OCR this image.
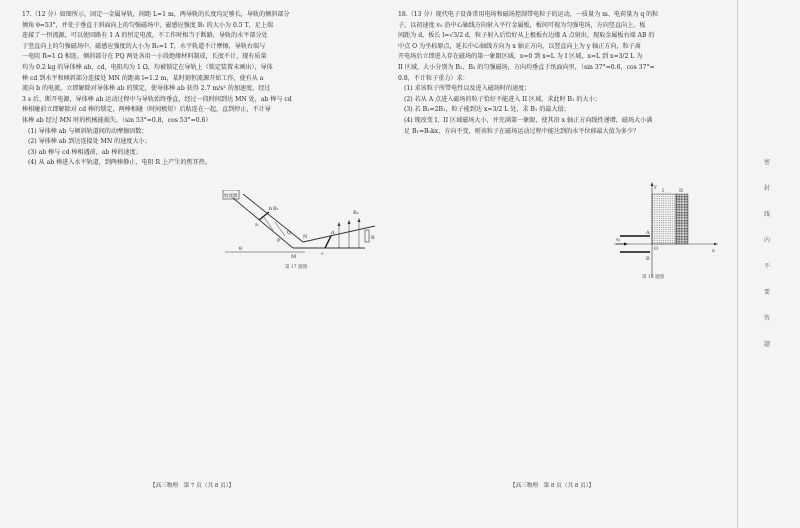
17.（12 分）如图所示，固定一金属导轨，间距 L=1 m，两导轨的长度均足够长，导轨的倾斜部分

倾角 θ=53°，并处于垂直于斜面向上的匀强磁场中，磁感应强度 B₁ 的大小为 0.5 T，足上端

连接了一恒流源，可以使回路有 1 A 的恒定电流，不工作时相当于断路，导轨的水平部分处

于竖直向上的匀强磁场中，磁感应强度的大小为 B₂=1 T，水平轨道不计摩擦，导轨右端与

一电阻 R=1 Ω 相连，倾斜部分在 PQ 两处各用一小段绝缘材料制成，长度不计，现有质量

均为 0.2 kg 的导体棒 ab、cd，电阻均为 1 Ω，均被锁定在导轨上（锁定装置未画出），导体

棒 cd 到水平和倾斜部分连接处 MN 的距离 l=1.2 m，某时刻恒流源开始工作，使有从 a

流向 b 的电流，立即解除对导体棒 ab 的锁定，使导体棒 ab 获得 2.7 m/s² 的加速度，经过

3 s 后，断开电源，导体棒 ab 运动过程中与导轨始终垂直，经过一段时间到达 MN 处，ab 棒与 cd

棒相碰前立即解除对 cd 棒的锁定，两棒相碰（时间极短）后粘连在一起，直到停止，不计导

体棒 ab 经过 MN 时的机械能损失，（sin 53°=0.8，cos 53°=0.6）

(1) 导体棒 ab 与倾斜轨道间的动摩擦因数；

(2) 导体棒 ab 到达连接处 MN 的速度大小；

(3) ab 棒与 cd 棒相遇前，ab 棒的速度；

(4) 从 ab 棒进入水平轨道，到两棒静止，电阻 R 上产生的焦耳热。

恒流源
B₁
B₂
a
b
P
Q
M
N
c
d
R
θ
第 17 题图

18.（13 分）现代电子设备常用电场和磁场控制带电粒子的运动，一质量为 m、电荷量为 q 的粒

子，以初速度 v₀ 沿中心轴线方向射入平行金属板，板间可视为匀强电场，方向竖直向上，板

间距为 d，板长 l=√3/2 d，粒子射入后恰好从上极板右边缘 A 点射出，现取金属板右端 AB 的

中点 O 为坐标原点，延长中心轴线方向为 x 轴正方向，以竖直向上为 y 轴正方向，粒子离

开电场后立即进入存在磁场的第一象限区域，x=0 到 x=L 为 I 区域，x=L 到 x=3/2 L 为

II 区域，大小分别为 B₁、B₂ 的匀强磁场，方向均垂直于纸面向里，（sin 37°=0.6，cos 37°=

0.8，不计粒子重力）求：

(1) 求该粒子所带电性以及进入磁场时的速度；

(2) 若从 A 点进入磁场的粒子恰好不能进入 II 区域，求此时 B₁ 的大小；

(3) 若 B₂=2B₁，粒子能到达 x=3/2 L 处，求 B₁ 的最大值；

(4) 现改变 I、II 区域磁场大小，并充满第一象限，使其沿 x 轴正方向线性递增，磁场大小满

足 B₁=B₀kx，方向不变，则该粒子在磁场运动过程中能达到的水平位移最大值为多少？

y
x
I	II
A
B
O
v₀
第 18 题图
【高三物理　第 7 页（共 8 页）】	【高三物理　第 8 页（共 8 页）】
密
封
线
内
不
要
答
题
